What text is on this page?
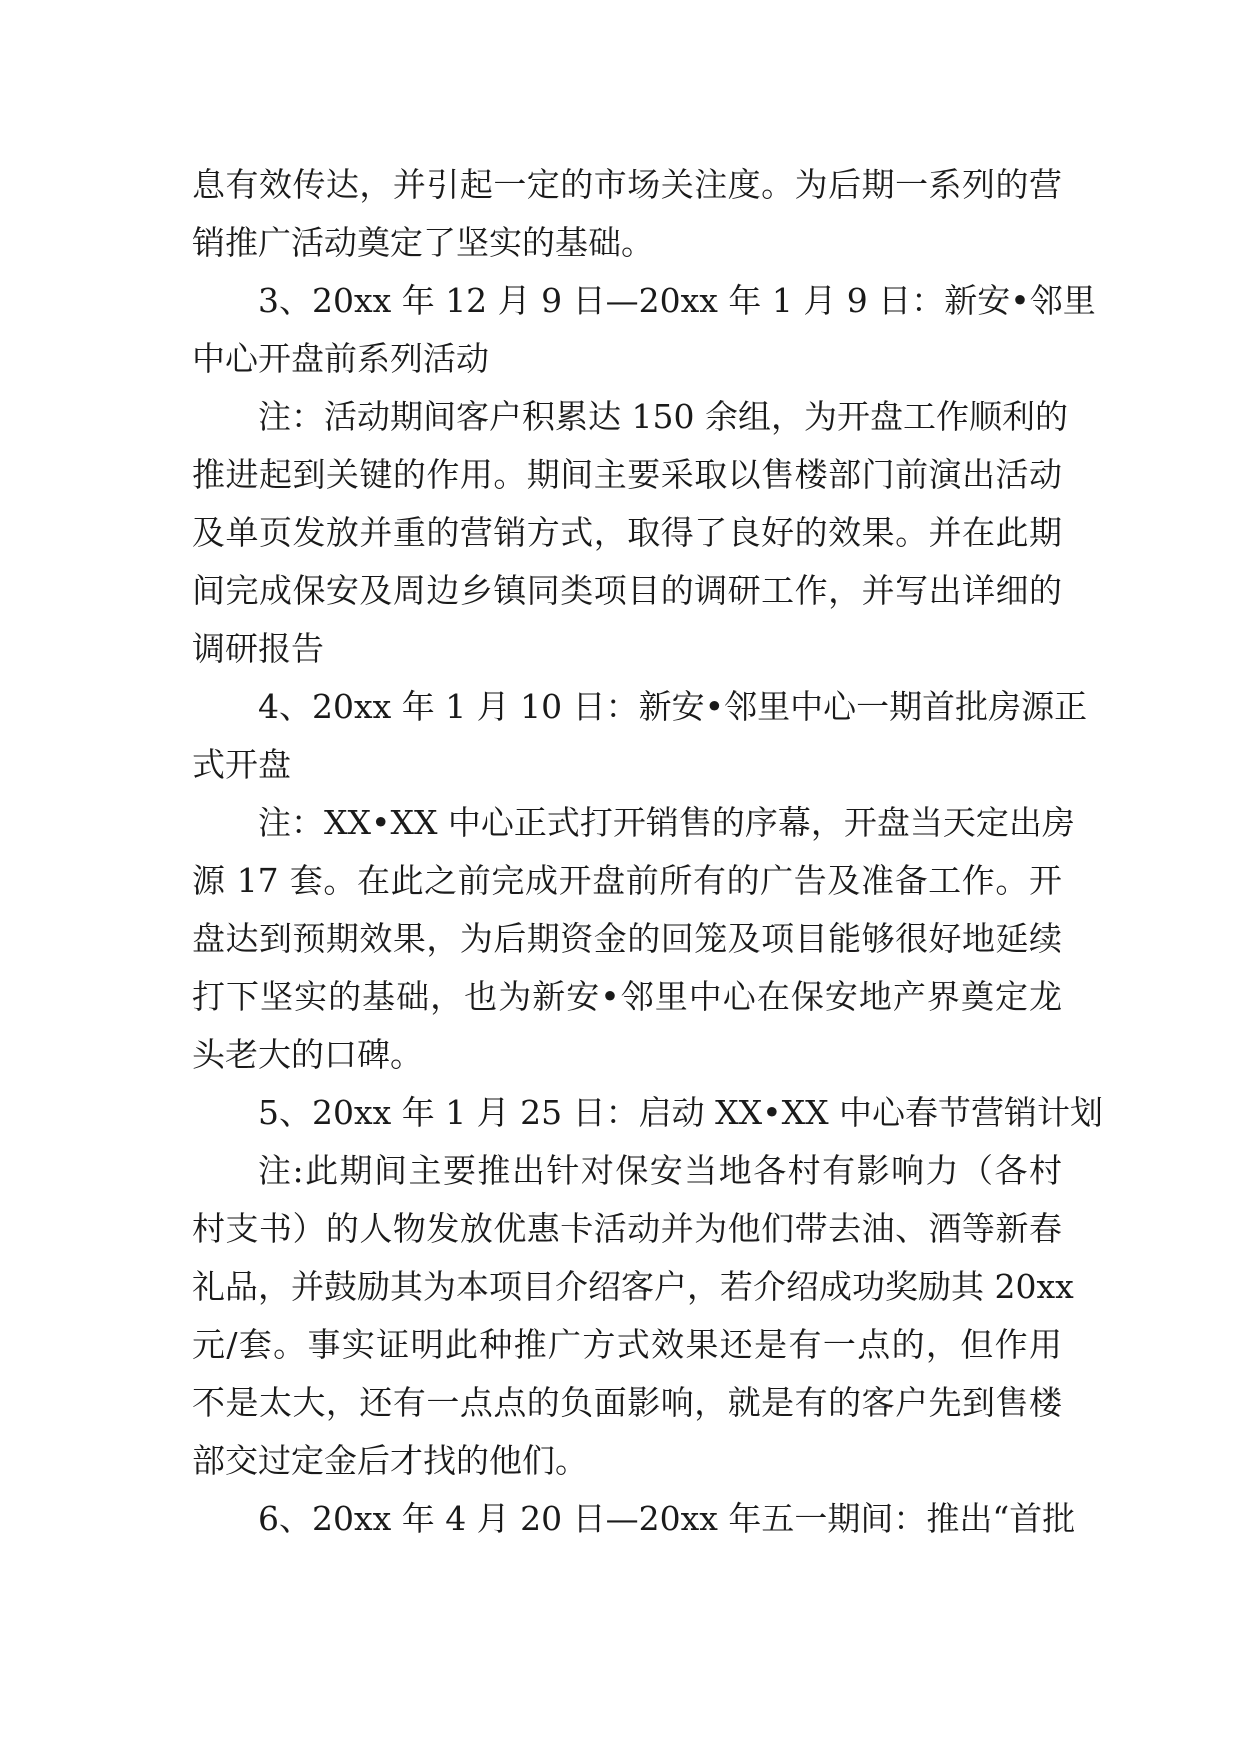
息有效传达，并引起一定的市场关注度。为后期一系列的营
销推广活动奠定了坚实的基础。
3、20xx 年 12 月 9 日—20xx 年 1 月 9 日：新安•邻里
中心开盘前系列活动
注：活动期间客户积累达 150 余组，为开盘工作顺利的
推进起到关键的作用。期间主要采取以售楼部门前演出活动
及单页发放并重的营销方式，取得了良好的效果。并在此期
间完成保安及周边乡镇同类项目的调研工作，并写出详细的
调研报告
4、20xx 年 1 月 10 日：新安•邻里中心一期首批房源正
式开盘
注：XX•XX 中心正式打开销售的序幕，开盘当天定出房
源 17 套。在此之前完成开盘前所有的广告及准备工作。开
盘达到预期效果，为后期资金的回笼及项目能够很好地延续
打下坚实的基础，也为新安•邻里中心在保安地产界奠定龙
头老大的口碑。
5、20xx 年 1 月 25 日：启动 XX•XX 中心春节营销计划
注:此期间主要推出针对保安当地各村有影响力（各村
村支书）的人物发放优惠卡活动并为他们带去油、酒等新春
礼品，并鼓励其为本项目介绍客户，若介绍成功奖励其 20xx
元/套。事实证明此种推广方式效果还是有一点的，但作用
不是太大，还有一点点的负面影响，就是有的客户先到售楼
部交过定金后才找的他们。
6、20xx 年 4 月 20 日—20xx 年五一期间：推出“首批
